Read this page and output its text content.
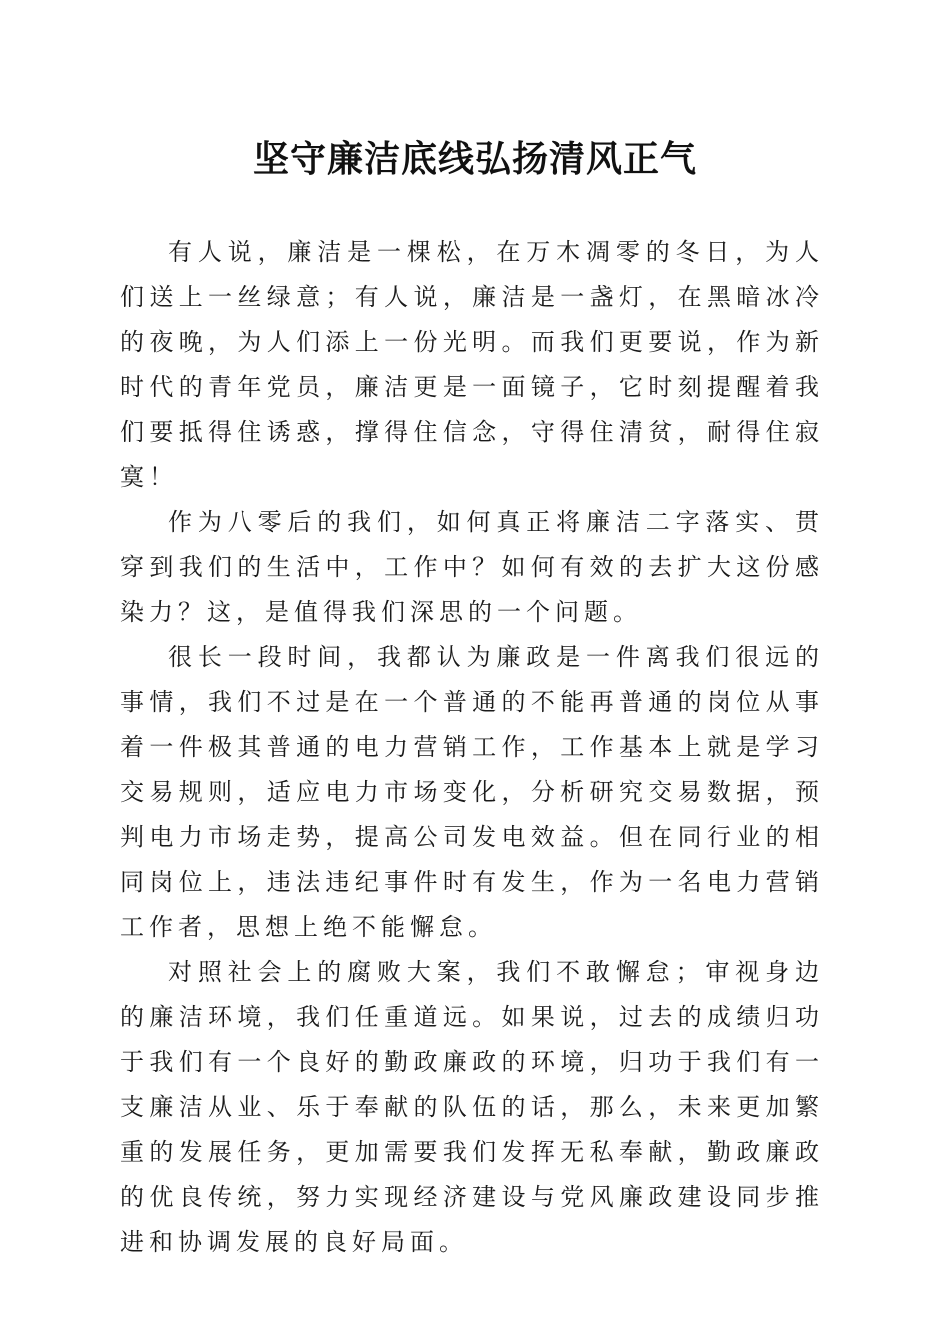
坚守廉洁底线弘扬清风正气

有人说，廉洁是一棵松，在万木凋零的冬日，为人们送上一丝绿意；有人说，廉洁是一盏灯，在黑暗冰冷的夜晚，为人们添上一份光明。而我们更要说，作为新时代的青年党员，廉洁更是一面镜子，它时刻提醒着我们要抵得住诱惑，撑得住信念，守得住清贫，耐得住寂寞！

作为八零后的我们，如何真正将廉洁二字落实、贯穿到我们的生活中，工作中？如何有效的去扩大这份感染力？这，是值得我们深思的一个问题。

很长一段时间，我都认为廉政是一件离我们很远的事情，我们不过是在一个普通的不能再普通的岗位从事着一件极其普通的电力营销工作，工作基本上就是学习交易规则，适应电力市场变化，分析研究交易数据，预判电力市场走势，提高公司发电效益。但在同行业的相同岗位上，违法违纪事件时有发生，作为一名电力营销工作者，思想上绝不能懈怠。

对照社会上的腐败大案，我们不敢懈怠；审视身边的廉洁环境，我们任重道远。如果说，过去的成绩归功于我们有一个良好的勤政廉政的环境，归功于我们有一支廉洁从业、乐于奉献的队伍的话，那么，未来更加繁重的发展任务，更加需要我们发挥无私奉献，勤政廉政的优良传统，努力实现经济建设与党风廉政建设同步推进和协调发展的良好局面。
